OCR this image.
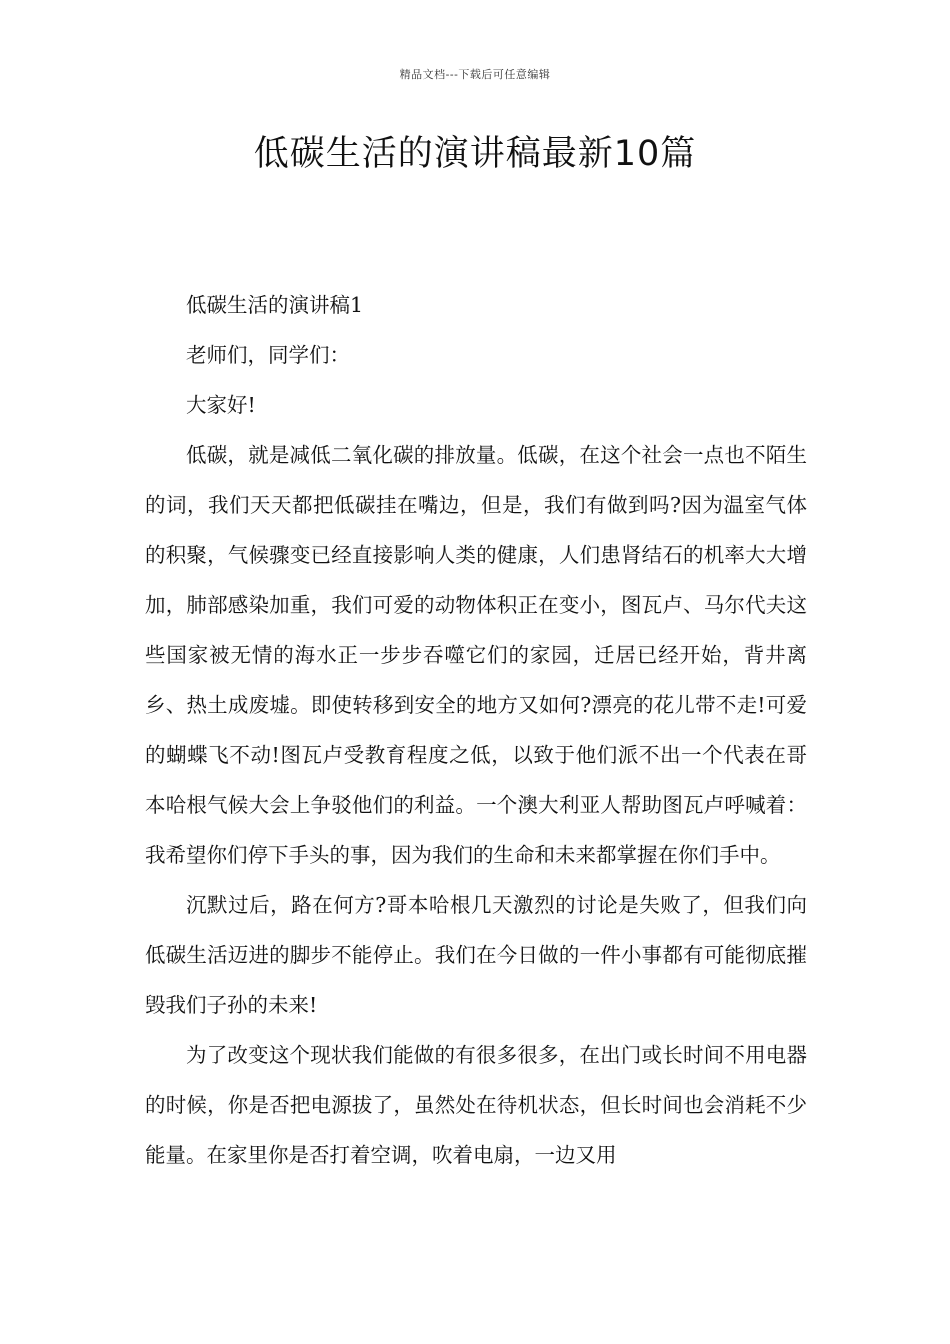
精品文档---下载后可任意编辑
低碳生活的演讲稿最新10篇

低碳生活的演讲稿1

老师们，同学们：

大家好!

低碳，就是减低二氧化碳的排放量。低碳，在这个社会一点也不陌生的词，我们天天都把低碳挂在嘴边，但是，我们有做到吗?因为温室气体的积聚，气候骤变已经直接影响人类的健康，人们患肾结石的机率大大增加，肺部感染加重，我们可爱的动物体积正在变小，图瓦卢、马尔代夫这些国家被无情的海水正一步步吞噬它们的家园，迁居已经开始，背井离乡、热土成废墟。即使转移到安全的地方又如何?漂亮的花儿带不走!可爱的蝴蝶飞不动!图瓦卢受教育程度之低，以致于他们派不出一个代表在哥本哈根气候大会上争驳他们的利益。一个澳大利亚人帮助图瓦卢呼喊着：我希望你们停下手头的事，因为我们的生命和未来都掌握在你们手中。

沉默过后，路在何方?哥本哈根几天激烈的讨论是失败了，但我们向低碳生活迈进的脚步不能停止。我们在今日做的一件小事都有可能彻底摧毁我们子孙的未来!

为了改变这个现状我们能做的有很多很多，在出门或长时间不用电器的时候，你是否把电源拔了，虽然处在待机状态，但长时间也会消耗不少能量。在家里你是否打着空调，吹着电扇，一边又用
